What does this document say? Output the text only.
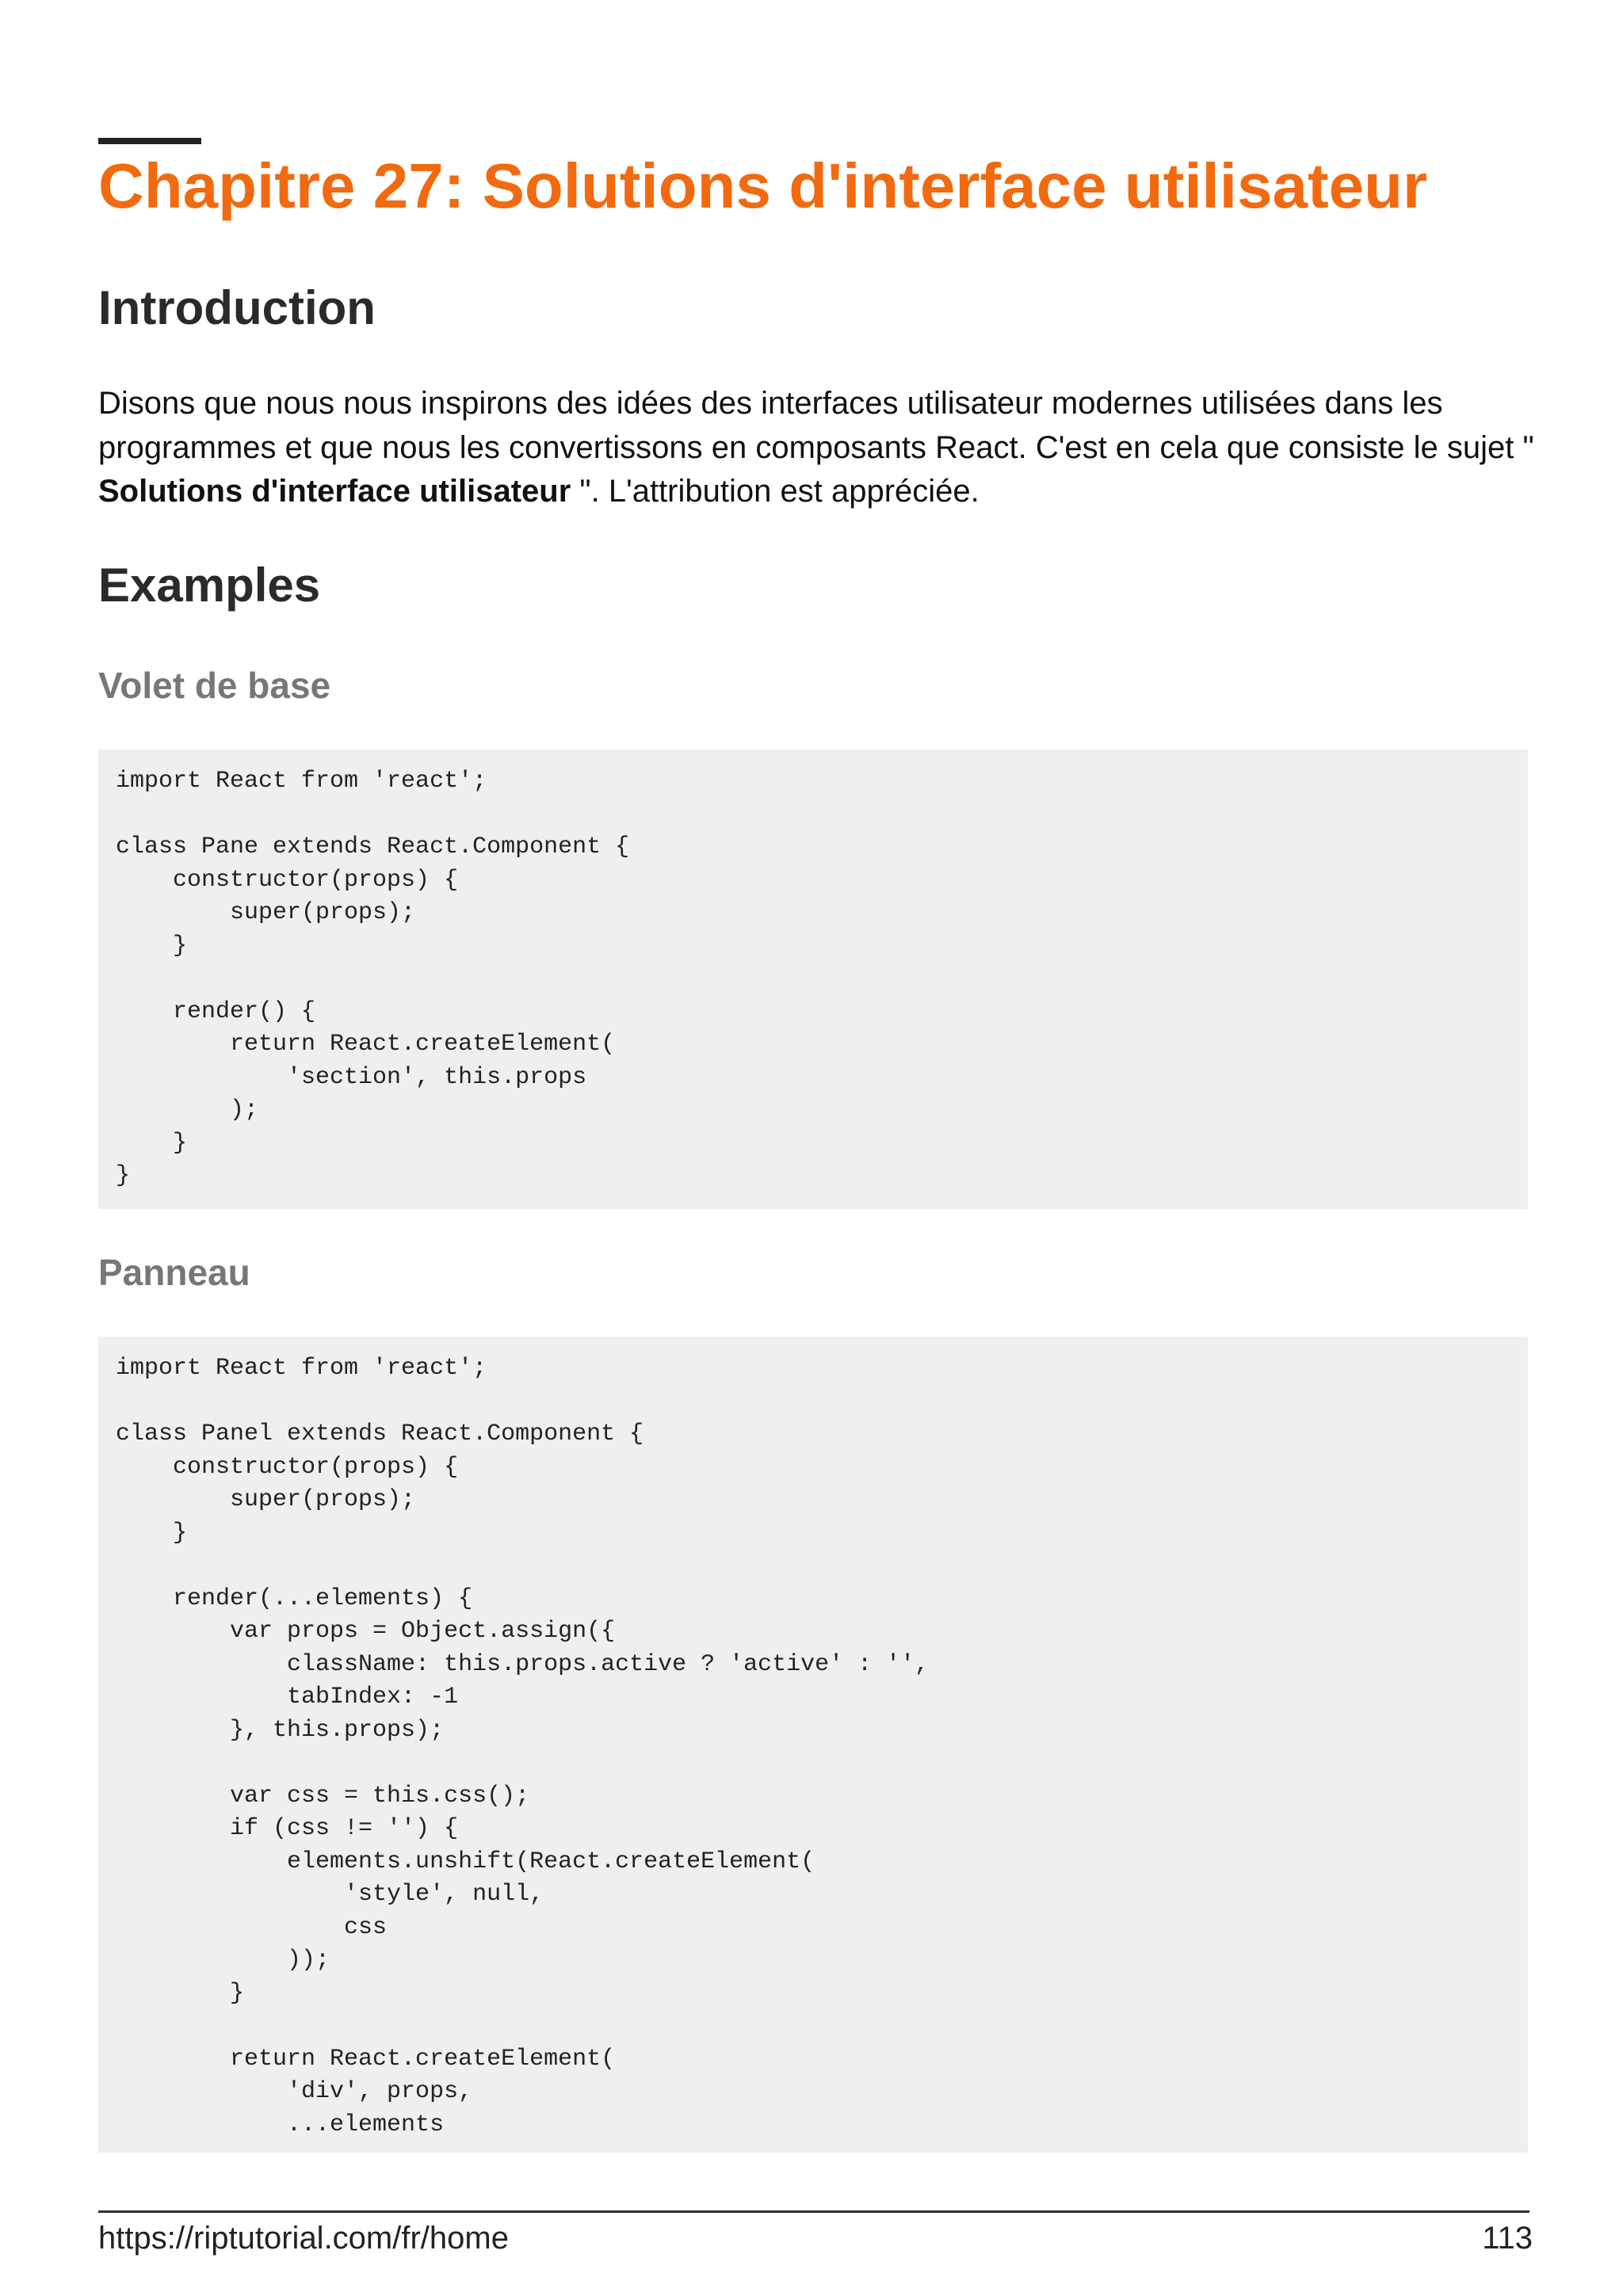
Chapitre 27: Solutions d'interface utilisateur
Introduction
Disons que nous nous inspirons des idées des interfaces utilisateur modernes utilisées dans les programmes et que nous les convertissons en composants React. C'est en cela que consiste le sujet " Solutions d'interface utilisateur ". L'attribution est appréciée.
Examples
Volet de base
import React from 'react';
class Pane extends React.Component {
constructor(props) {
super(props);
}
render() {
return React.createElement(
'section', this.props
);
}
}
Panneau
import React from 'react';
class Panel extends React.Component {
constructor(props) {
super(props);
}
render(...elements) {
var props = Object.assign({
className: this.props.active ? 'active' : '',
tabIndex: -1
}, this.props);
var css = this.css();
if (css != '') {
elements.unshift(React.createElement(
'style', null,
css
));
}
return React.createElement(
'div', props,
...elements
https://riptutorial.com/fr/home	113
